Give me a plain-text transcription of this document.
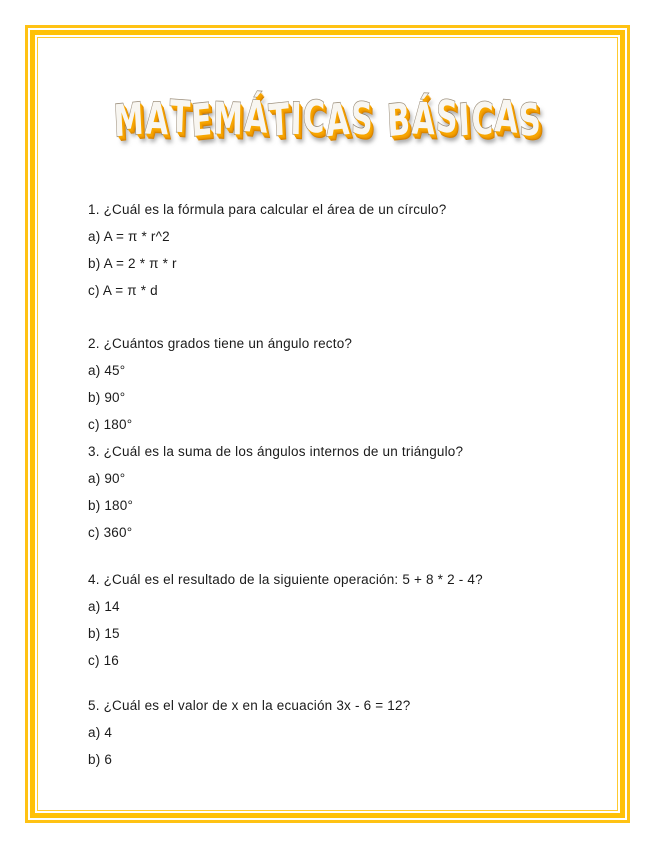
MATEMÁTICAS BÁSICAS
1. ¿Cuál es la fórmula para calcular el área de un círculo?
a) A = π * r^2
b) A = 2 * π * r
c) A = π * d
2. ¿Cuántos grados tiene un ángulo recto?
a) 45°
b) 90°
c) 180°
3. ¿Cuál es la suma de los ángulos internos de un triángulo?
a) 90°
b) 180°
c) 360°
4. ¿Cuál es el resultado de la siguiente operación: 5 + 8 * 2 - 4?
a) 14
b) 15
c) 16
5. ¿Cuál es el valor de x en la ecuación 3x - 6 = 12?
a) 4
b) 6
